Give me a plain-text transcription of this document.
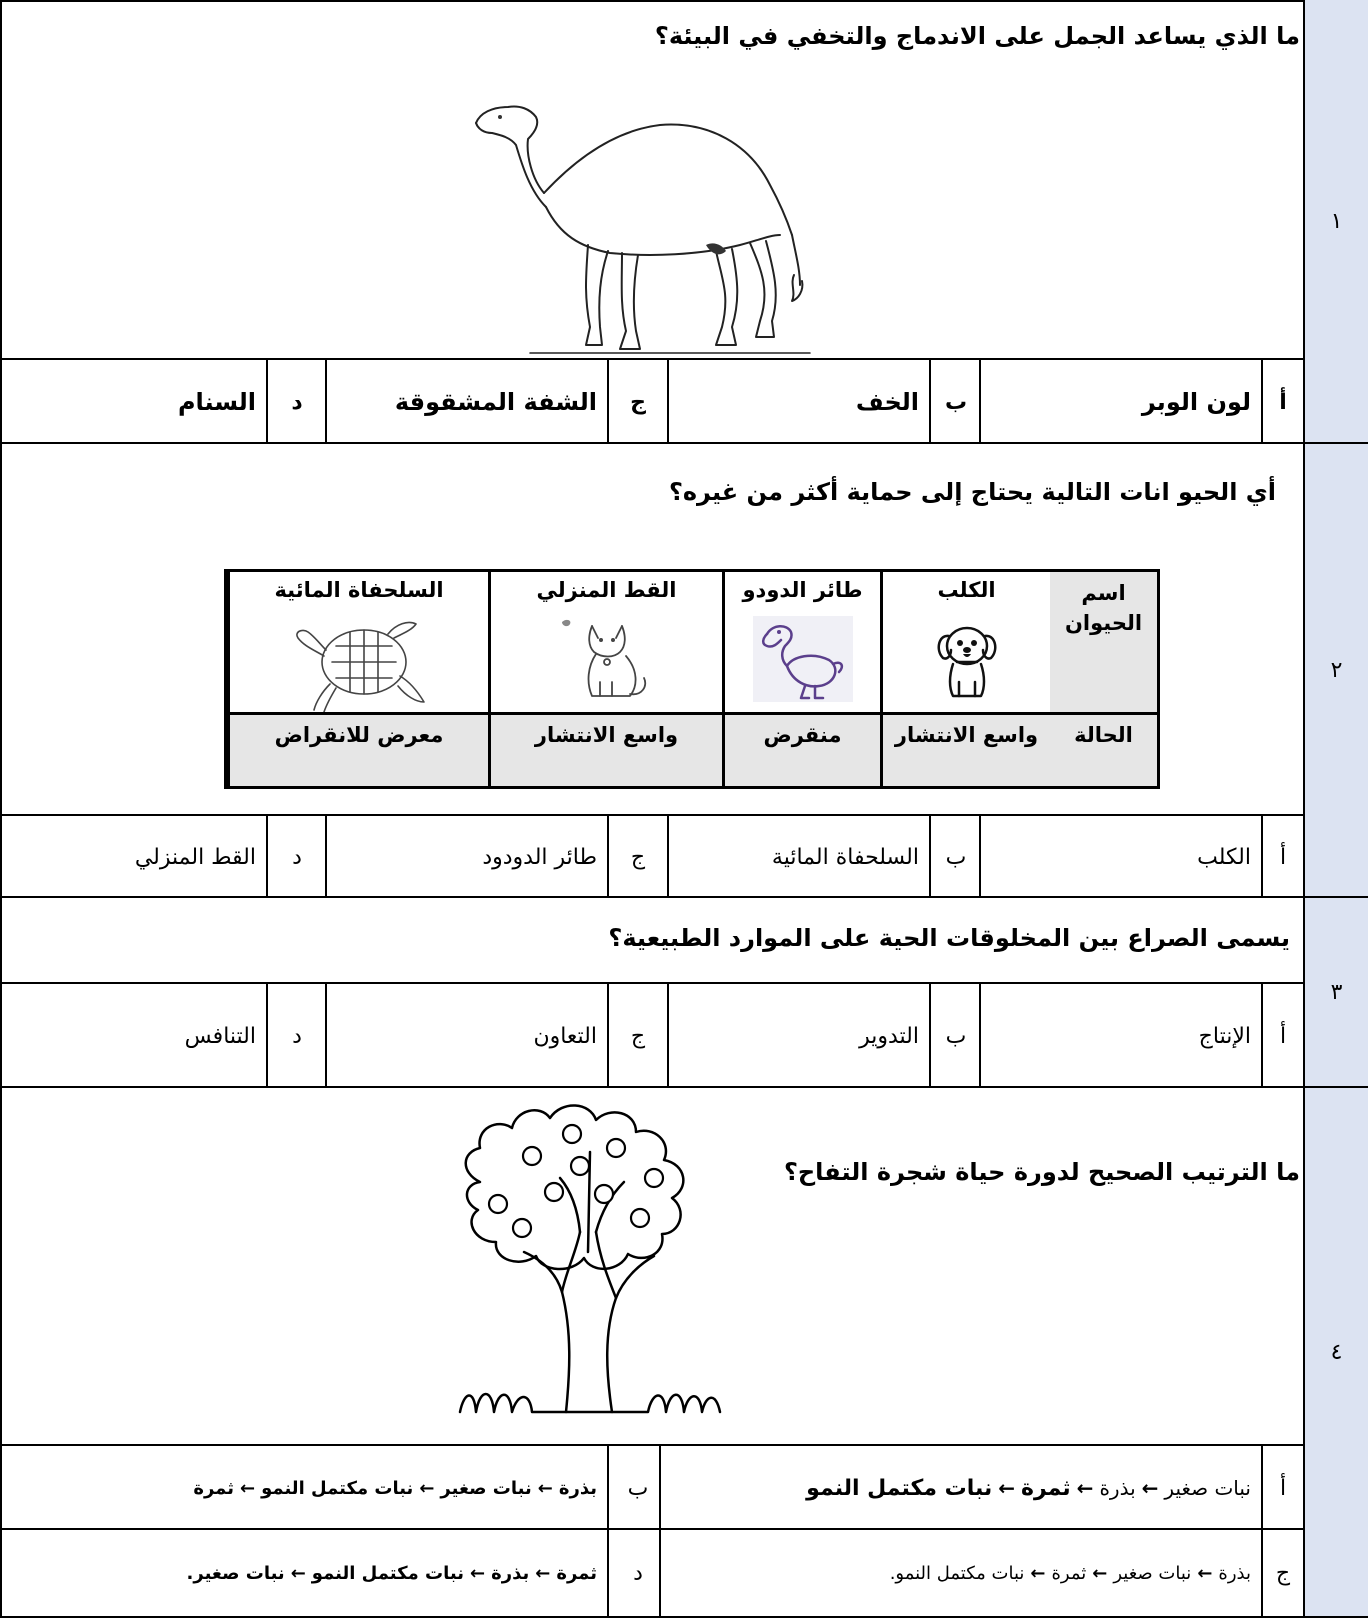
١
ما الذي يساعد الجمل على الاندماج والتخفي في البيئة؟
أ
لون الوبر
ب
الخف
ج
الشفة المشقوقة
د
السنام
٢
أي الحيو انات التالية يحتاج إلى حماية أكثر من غيره؟
اسم الحيوان
الحالة
الكلب
واسع الانتشار
طائر الدودو
منقرض
القط المنزلي
واسع الانتشار
السلحفاة المائية
معرض للانقراض
أ
الكلب
ب
السلحفاة المائية
ج
طائر الدودود
د
القط المنزلي
٣
يسمى الصراع بين المخلوقات الحية على الموارد الطبيعية؟
أ
الإنتاج
ب
التدوير
ج
التعاون
د
التنافس
٤
ما الترتيب الصحيح لدورة حياة شجرة التفاح؟
أ
نبات صغير
←
بذرة
←
ثمرة
←
نبات مكتمل النمو
ب
بذرة
←
نبات صغير
←
نبات مكتمل النمو
←
ثمرة
ج
بذرة
←
نبات صغير
←
ثمرة
←
نبات مكتمل النمو.
د
ثمرة
←
بذرة
←
نبات مكتمل النمو
←
نبات صغير.
